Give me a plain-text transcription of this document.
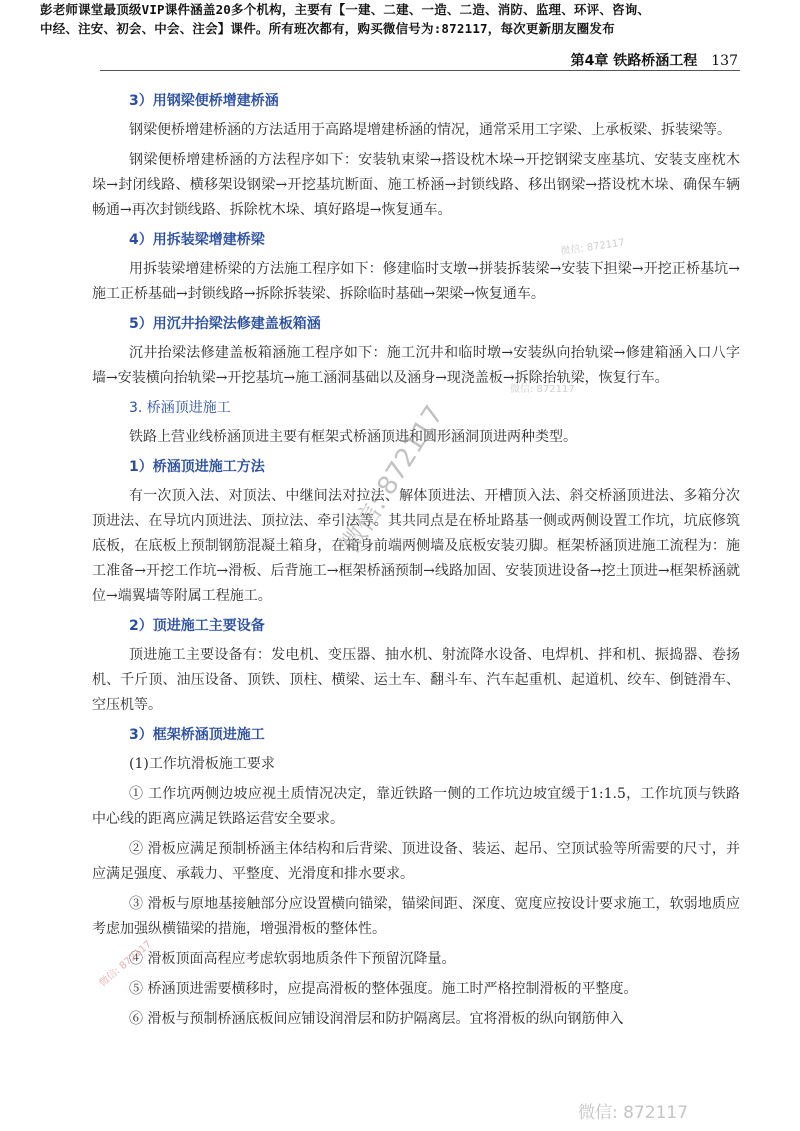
彭老师课堂最顶级VIP课件涵盖20多个机构，主要有【一建、二建、一造、二造、消防、监理、环评、咨询、
中经、注安、初会、中会、注会】课件。所有班次都有，购买微信号为:872117，每次更新朋友圈发布
第4章 铁路桥涵工程 137
3）用钢梁便桥增建桥涵

钢梁便桥增建桥涵的方法适用于高路堤增建桥涵的情况，通常采用工字梁、上承板梁、拆装梁等。

钢梁便桥增建桥涵的方法程序如下：安装轨束梁→搭设枕木垛→开挖钢梁支座基坑、安装支座枕木垛→封闭线路、横移架设钢梁→开挖基坑断面、施工桥涵→封锁线路、移出钢梁→搭设枕木垛、确保车辆畅通→再次封锁线路、拆除枕木垛、填好路堤→恢复通车。

4）用拆装梁增建桥梁

用拆装梁增建桥梁的方法施工程序如下：修建临时支墩→拼装拆装梁→安装下担梁→开挖正桥基坑→施工正桥基础→封锁线路→拆除拆装梁、拆除临时基础→架梁→恢复通车。

5）用沉井抬梁法修建盖板箱涵

沉井抬梁法修建盖板箱涵施工程序如下：施工沉井和临时墩→安装纵向抬轨梁→修建箱涵入口八字墙→安装横向抬轨梁→开挖基坑→施工涵洞基础以及涵身→现浇盖板→拆除抬轨梁，恢复行车。

3. 桥涵顶进施工

铁路上营业线桥涵顶进主要有框架式桥涵顶进和圆形涵洞顶进两种类型。

1）桥涵顶进施工方法

有一次顶入法、对顶法、中继间法对拉法、解体顶进法、开槽顶入法、斜交桥涵顶进法、多箱分次顶进法、在导坑内顶进法、顶拉法、牵引法等。其共同点是在桥址路基一侧或两侧设置工作坑，坑底修筑底板，在底板上预制钢筋混凝土箱身，在箱身前端两侧墙及底板安装刃脚。框架桥涵顶进施工流程为：施工准备→开挖工作坑→滑板、后背施工→框架桥涵预制→线路加固、安装顶进设备→挖土顶进→框架桥涵就位→端翼墙等附属工程施工。

2）顶进施工主要设备

顶进施工主要设备有：发电机、变压器、抽水机、射流降水设备、电焊机、拌和机、振捣器、卷扬机、千斤顶、油压设备、顶铁、顶柱、横梁、运土车、翻斗车、汽车起重机、起道机、绞车、倒链滑车、空压机等。

3）框架桥涵顶进施工

(1)工作坑滑板施工要求

① 工作坑两侧边坡应视土质情况决定，靠近铁路一侧的工作坑边坡宜缓于1:1.5，工作坑顶与铁路中心线的距离应满足铁路运营安全要求。

② 滑板应满足预制桥涵主体结构和后背梁、顶进设备、装运、起吊、空顶试验等所需要的尺寸，并应满足强度、承载力、平整度、光滑度和排水要求。

③ 滑板与原地基接触部分应设置横向锚梁，锚梁间距、深度、宽度应按设计要求施工，软弱地质应考虑加强纵横锚梁的措施，增强滑板的整体性。

④ 滑板顶面高程应考虑软弱地质条件下预留沉降量。

⑤ 桥涵顶进需要横移时，应提高滑板的整体强度。施工时严格控制滑板的平整度。

⑥ 滑板与预制桥涵底板间应铺设润滑层和防护隔离层。宜将滑板的纵向钢筋伸入

微信: 872117
微信: 872117
微信: 872117
微信: 872117
微信: 872117
